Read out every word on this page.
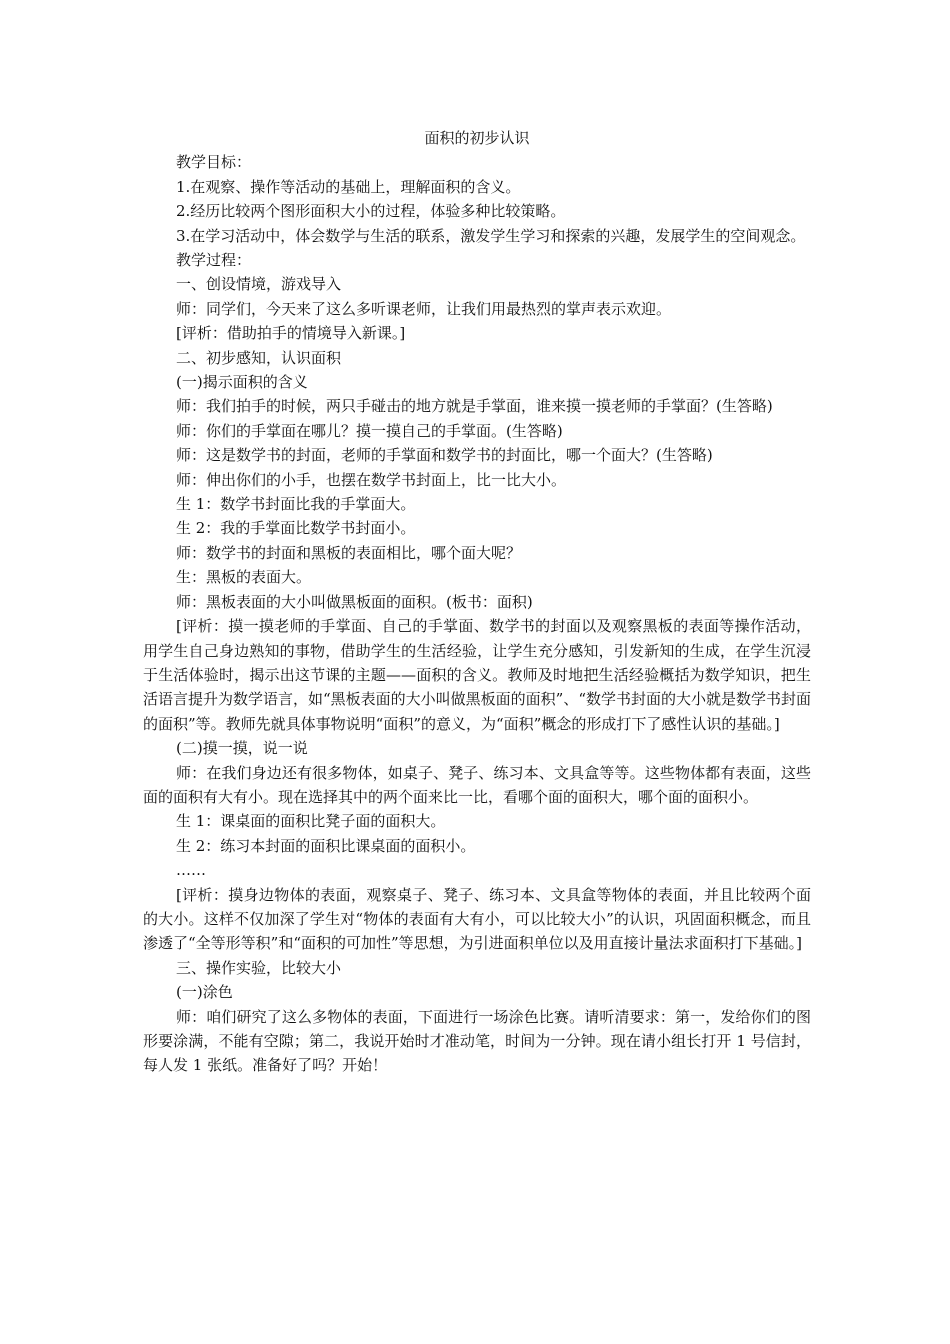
面积的初步认识
教学目标：
1.在观察、操作等活动的基础上，理解面积的含义。
2.经历比较两个图形面积大小的过程，体验多种比较策略。
3.在学习活动中，体会数学与生活的联系，激发学生学习和探索的兴趣，发展学生的空间观念。
教学过程：
一、创设情境，游戏导入
师：同学们，今天来了这么多听课老师，让我们用最热烈的掌声表示欢迎。
[评析：借助拍手的情境导入新课。]
二、初步感知，认识面积
(一)揭示面积的含义
师：我们拍手的时候，两只手碰击的地方就是手掌面，谁来摸一摸老师的手掌面？(生答略)
师：你们的手掌面在哪儿？摸一摸自己的手掌面。(生答略)
师：这是数学书的封面，老师的手掌面和数学书的封面比，哪一个面大？(生答略)
师：伸出你们的小手，也摆在数学书封面上，比一比大小。
生 1：数学书封面比我的手掌面大。
生 2：我的手掌面比数学书封面小。
师：数学书的封面和黑板的表面相比，哪个面大呢？
生：黑板的表面大。
师：黑板表面的大小叫做黑板面的面积。(板书：面积)
[评析：摸一摸老师的手掌面、自己的手掌面、数学书的封面以及观察黑板的表面等操作活动，用学生自己身边熟知的事物，借助学生的生活经验，让学生充分感知，引发新知的生成，在学生沉浸于生活体验时，揭示出这节课的主题——面积的含义。教师及时地把生活经验概括为数学知识，把生活语言提升为数学语言，如“黑板表面的大小叫做黑板面的面积”、“数学书封面的大小就是数学书封面的面积”等。教师先就具体事物说明“面积”的意义，为“面积”概念的形成打下了感性认识的基础。]
(二)摸一摸，说一说
师：在我们身边还有很多物体，如桌子、凳子、练习本、文具盒等等。这些物体都有表面，这些面的面积有大有小。现在选择其中的两个面来比一比，看哪个面的面积大，哪个面的面积小。
生 1：课桌面的面积比凳子面的面积大。
生 2：练习本封面的面积比课桌面的面积小。
……
[评析：摸身边物体的表面，观察桌子、凳子、练习本、文具盒等物体的表面，并且比较两个面的大小。这样不仅加深了学生对“物体的表面有大有小，可以比较大小”的认识，巩固面积概念，而且渗透了“全等形等积”和“面积的可加性”等思想，为引进面积单位以及用直接计量法求面积打下基础。]
三、操作实验，比较大小
(一)涂色
师：咱们研究了这么多物体的表面，下面进行一场涂色比赛。请听清要求：第一，发给你们的图形要涂满，不能有空隙；第二，我说开始时才准动笔，时间为一分钟。现在请小组长打开 1 号信封，每人发 1 张纸。准备好了吗？开始！
